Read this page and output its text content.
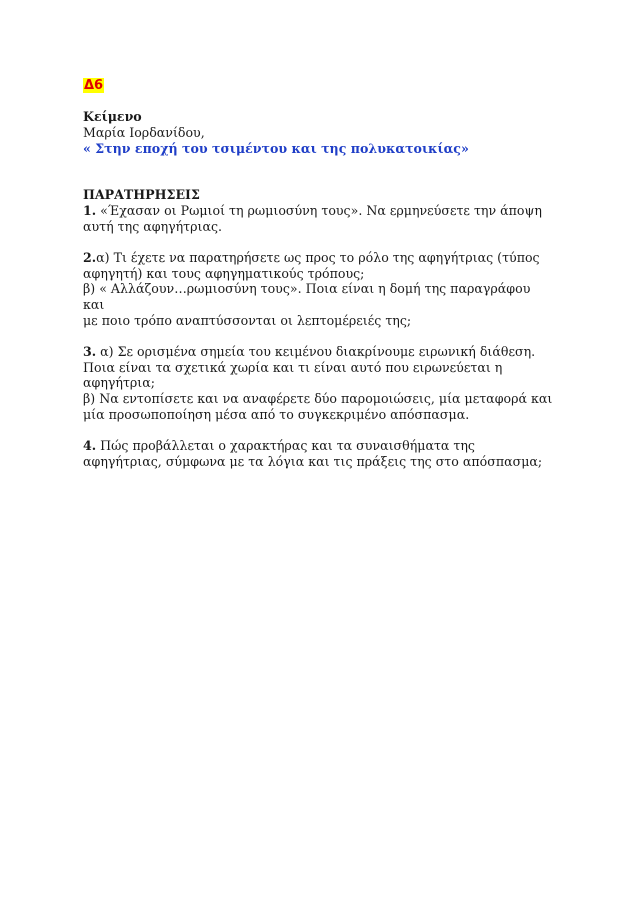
Δ6

Κείμενο

Μαρία Ιορδανίδου,

« Στην εποχή του τσιμέντου και της πολυκατοικίας»

ΠΑΡΑΤΗΡΗΣΕΙΣ

1. «Έχασαν οι Ρωμιοί τη ρωμιοσύνη τους». Να ερμηνεύσετε την άποψη

αυτή της αφηγήτριας.

2.α) Τι έχετε να παρατηρήσετε ως προς το ρόλο της αφηγήτριας (τύπος

αφηγητή) και τους αφηγηματικούς τρόπους;

β) « Αλλάζουν…ρωμιοσύνη τους». Ποια είναι η δομή της παραγράφου και

με ποιο τρόπο αναπτύσσονται οι λεπτομέρειές της;

3. α) Σε ορισμένα σημεία του κειμένου διακρίνουμε ειρωνική διάθεση.

Ποια είναι τα σχετικά χωρία και τι είναι αυτό που ειρωνεύεται η

αφηγήτρια;

β) Να εντοπίσετε και να αναφέρετε δύο παρομοιώσεις, μία μεταφορά και

μία προσωποποίηση μέσα από το συγκεκριμένο απόσπασμα.

4. Πώς προβάλλεται ο χαρακτήρας και τα συναισθήματα της

αφηγήτριας, σύμφωνα με τα λόγια και τις πράξεις της στο απόσπασμα;
